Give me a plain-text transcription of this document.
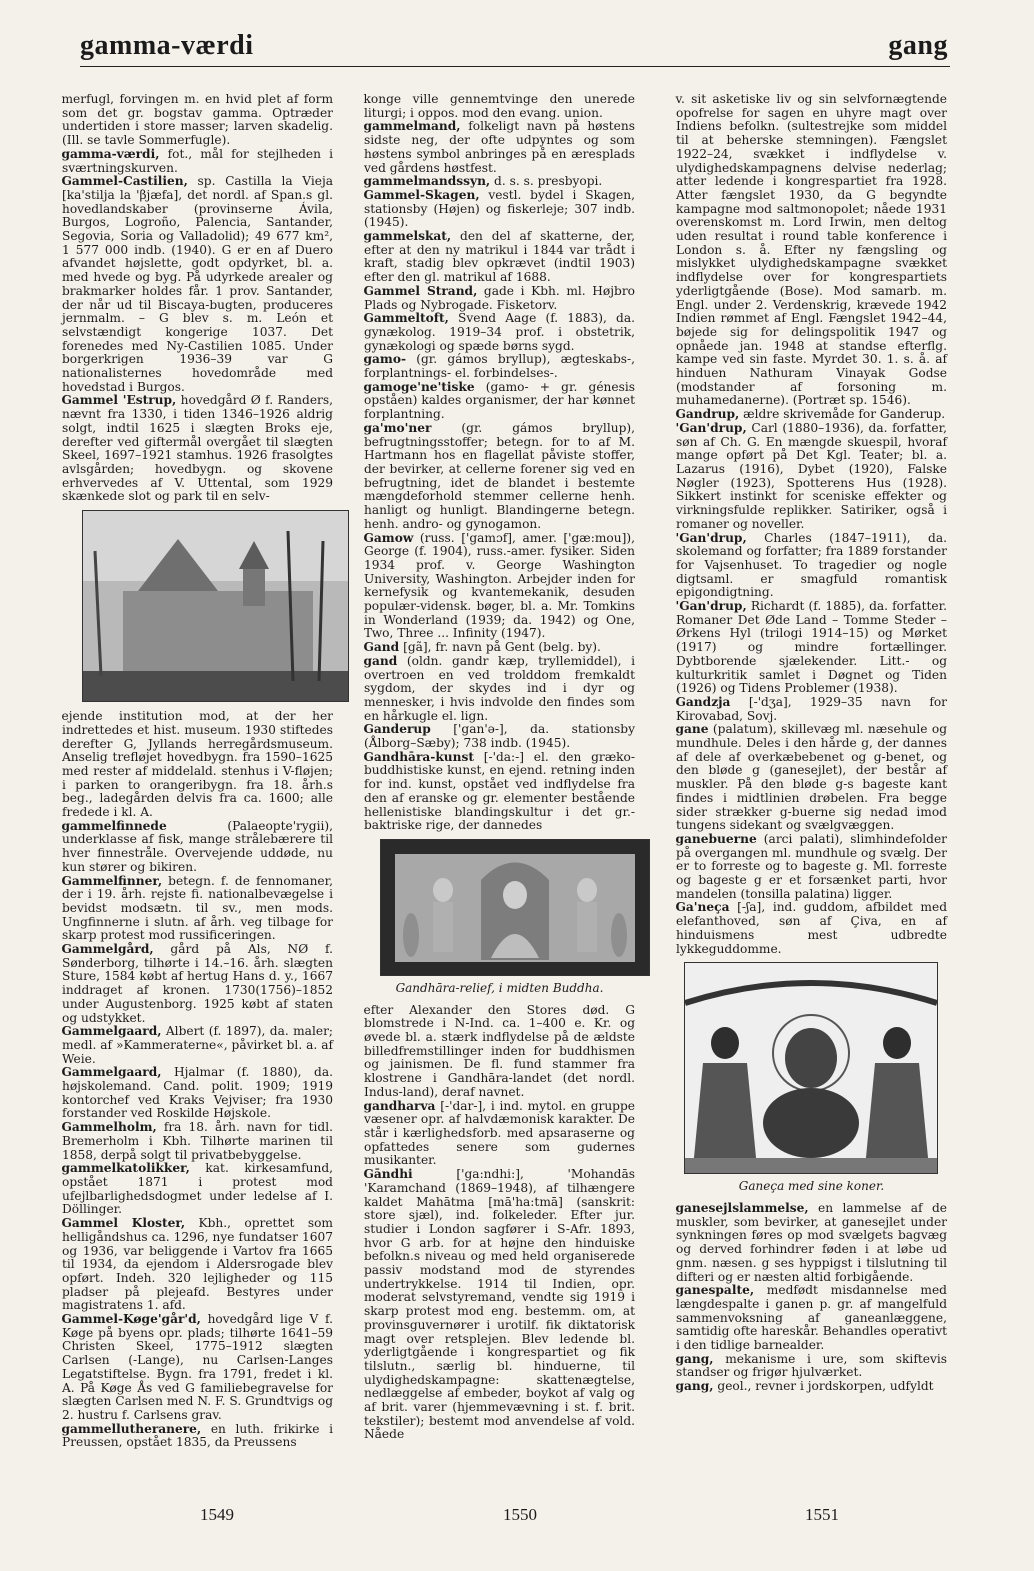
gamma-værdi	gang

merfugl, forvingen m. en hvid plet af form som det gr. bogstav gamma. Optræder undertiden i store masser; larven skadelig. (Ill. se tavle Sommerfugle).

gamma-værdi, fot., mål for stejlheden i sværtningskurven.

Gammel-Castilien, sp. Castilla la Vieja [ka'stilja la 'βjæfa], det nordl. af Span.s gl. hovedlandskaber (provinserne Ávila, Burgos, Logroño, Palencia, Santander, Segovia, Soria og Valladolid); 49 677 km², 1 577 000 indb. (1940). G er en af Duero afvandet højslette, godt opdyrket, bl. a. med hvede og byg. På udyrkede arealer og brakmarker holdes får. 1 prov. Santander, der når ud til Biscaya-bugten, produceres jernmalm. – G blev s. m. León et selvstændigt kongerige 1037. Det forenedes med Ny-Castilien 1085. Under borgerkrigen 1936–39 var G nationalisternes hovedområde med hovedstad i Burgos.

Gammel 'Estrup, hovedgård Ø f. Randers, nævnt fra 1330, i tiden 1346–1926 aldrig solgt, indtil 1625 i slægten Broks eje, derefter ved giftermål overgået til slægten Skeel, 1697–1921 stamhus. 1926 frasolgtes avlsgården; hovedbygn. og skovene erhvervedes af V. Uttental, som 1929 skænkede slot og park til en selv-

ejende institution mod, at der her indrettedes et hist. museum. 1930 stiftedes derefter G, Jyllands herregårdsmuseum. Anselig trefløjet hovedbygn. fra 1590–1625 med rester af middelald. stenhus i V-fløjen; i parken to orangeribygn. fra 18. årh.s beg., ladegården delvis fra ca. 1600; alle fredede i kl. A.

gammelfinnede (Palaeopte'rygii), underklasse af fisk, mange strålebærere til hver finnestråle. Overvejende uddøde, nu kun stører og bikiren.

Gammelfinner, betegn. f. de fennomaner, der i 19. årh. rejste fi. nationalbevægelse i bevidst modsætn. til sv., men mods. Ungfinnerne i slutn. af årh. veg tilbage for skarp protest mod russificeringen.

Gammelgård, gård på Als, NØ f. Sønderborg, tilhørte i 14.–16. årh. slægten Sture, 1584 købt af hertug Hans d. y., 1667 inddraget af kronen. 1730(1756)–1852 under Augustenborg. 1925 købt af staten og udstykket.

Gammelgaard, Albert (f. 1897), da. maler; medl. af »Kammeraterne«, påvirket bl. a. af Weie.

Gammelgaard, Hjalmar (f. 1880), da. højskolemand. Cand. polit. 1909; 1919 kontorchef ved Kraks Vejviser; fra 1930 forstander ved Roskilde Højskole.

Gammelholm, fra 18. årh. navn for tidl. Bremerholm i Kbh. Tilhørte marinen til 1858, derpå solgt til privatbebyggelse.

gammelkatolikker, kat. kirkesamfund, opstået 1871 i protest mod ufejlbarlighedsdogmet under ledelse af I. Döllinger.

Gammel Kloster, Kbh., oprettet som helligåndshus ca. 1296, nye fundatser 1607 og 1936, var beliggende i Vartov fra 1665 til 1934, da ejendom i Aldersrogade blev opført. Indeh. 320 lejligheder og 115 pladser på plejeafd. Bestyres under magistratens 1. afd.

Gammel-Køge'går'd, hovedgård lige V f. Køge på byens opr. plads; tilhørte 1641–59 Christen Skeel, 1775–1912 slægten Carlsen (-Lange), nu Carlsen-Langes Legatstiftelse. Bygn. fra 1791, fredet i kl. A. På Køge Ås ved G familiebegravelse for slægten Carlsen med N. F. S. Grundtvigs og 2. hustru f. Carlsens grav.

gammellutheranere, en luth. frikirke i Preussen, opstået 1835, da Preussens

konge ville gennemtvinge den unerede liturgi; i oppos. mod den evang. union.

gammelmand, folkeligt navn på høstens sidste neg, der ofte udpyntes og som høstens symbol anbringes på en æresplads ved gårdens høstfest.

gammelmandssyn, d. s. s. presbyopi.

Gammel-Skagen, vestl. bydel i Skagen, stationsby (Højen) og fiskerleje; 307 indb. (1945).

gammelskat, den del af skatterne, der, efter at den ny matrikul i 1844 var trådt i kraft, stadig blev opkrævet (indtil 1903) efter den gl. matrikul af 1688.

Gammel Strand, gade i Kbh. ml. Højbro Plads og Nybrogade. Fisketorv.

Gammeltoft, Svend Aage (f. 1883), da. gynækolog. 1919–34 prof. i obstetrik, gynækologi og spæde børns sygd.

gamo- (gr. gámos bryllup), ægteskabs-, forplantnings- el. forbindelses-.

gamoge'ne'tiske (gamo- + gr. génesis opståen) kaldes organismer, der har kønnet forplantning.

ga'mo'ner (gr. gámos bryllup), befrugtningsstoffer; betegn. for to af M. Hartmann hos en flagellat påviste stoffer, der bevirker, at cellerne forener sig ved en befrugtning, idet de blandet i bestemte mængdeforhold stemmer cellerne henh. hanligt og hunligt. Blandingerne betegn. henh. andro- og gynogamon.

Gamow (russ. ['gamɔf], amer. ['gæ:mou]), George (f. 1904), russ.-amer. fysiker. Siden 1934 prof. v. George Washington University, Washington. Arbejder inden for kernefysik og kvantemekanik, desuden populær-vidensk. bøger, bl. a. Mr. Tomkins in Wonderland (1939; da. 1942) og One, Two, Three ... Infinity (1947).

Gand [gã], fr. navn på Gent (belg. by).

gand (oldn. gandr kæp, tryllemiddel), i overtroen en ved trolddom fremkaldt sygdom, der skydes ind i dyr og mennesker, i hvis indvolde den findes som en hårkugle el. lign.

Ganderup ['gan'ə-], da. stationsby (Ålborg–Sæby); 738 indb. (1945).

Gandhāra-kunst [-'da:-] el. den græko-buddhistiske kunst, en ejend. retning inden for ind. kunst, opstået ved indflydelse fra den af eranske og gr. elementer bestående hellenistiske blandingskultur i det gr.-baktriske rige, der dannedes

Gandhāra-relief, i midten Buddha.

efter Alexander den Stores død. G blomstrede i N-Ind. ca. 1–400 e. Kr. og øvede bl. a. stærk indflydelse på de ældste billedfremstillinger inden for buddhismen og jainismen. De fl. fund stammer fra klostrene i Gandhāra-landet (det nordl. Indus-land), deraf navnet.

gandharva [-'dar-], i ind. mytol. en gruppe væsener opr. af halvdæmonisk karakter. De står i kærlighedsforb. med apsaraserne og opfattedes senere som gudernes musikanter.

Gāndhi ['ga:ndhi:], 'Mohandās 'Karamchand (1869–1948), af tilhængere kaldet Mahātma [mā'ha:tmā] (sanskrit: store sjæl), ind. folkeleder. Efter jur. studier i London sagfører i S-Afr. 1893, hvor G arb. for at højne den hinduiske befolkn.s niveau og med held organiserede passiv modstand mod de styrendes undertrykkelse. 1914 til Indien, opr. moderat selvstyremand, vendte sig 1919 i skarp protest mod eng. bestemm. om, at provinsguvernører i urotilf. fik diktatorisk magt over retsplejen. Blev ledende bl. yderligtgående i kongrespartiet og fik tilslutn., særlig bl. hinduerne, til ulydighedskampagne: skattenægtelse, nedlæggelse af embeder, boykot af valg og af brit. varer (hjemmevævning i st. f. brit. tekstiler); bestemt mod anvendelse af vold. Nåede

v. sit asketiske liv og sin selvfornægtende opofrelse for sagen en uhyre magt over Indiens befolkn. (sultestrejke som middel til at beherske stemningen). Fængslet 1922–24, svækket i indflydelse v. ulydighedskampagnens delvise nederlag; atter ledende i kongrespartiet fra 1928. Atter fængslet 1930, da G begyndte kampagne mod saltmonopolet; nåede 1931 overenskomst m. Lord Irwin, men deltog uden resultat i round table konference i London s. å. Efter ny fængsling og mislykket ulydighedskampagne svækket indflydelse over for kongrespartiets yderligtgående (Bose). Mod samarb. m. Engl. under 2. Verdenskrig, krævede 1942 Indien rømmet af Engl. Fængslet 1942–44, bøjede sig for delingspolitik 1947 og opnåede jan. 1948 at standse efterflg. kampe ved sin faste. Myrdet 30. 1. s. å. af hinduen Nathuram Vinayak Godse (modstander af forsoning m. muhamedanerne). (Portræt sp. 1546).

Gandrup, ældre skrivemåde for Ganderup.

'Gan'drup, Carl (1880–1936), da. forfatter, søn af Ch. G. En mængde skuespil, hvoraf mange opført på Det Kgl. Teater; bl. a. Lazarus (1916), Dybet (1920), Falske Nøgler (1923), Spotterens Hus (1928). Sikkert instinkt for sceniske effekter og virkningsfulde replikker. Satiriker, også i romaner og noveller.

'Gan'drup, Charles (1847–1911), da. skolemand og forfatter; fra 1889 forstander for Vajsenhuset. To tragedier og nogle digtsaml. er smagfuld romantisk epigondigtning.

'Gan'drup, Richardt (f. 1885), da. forfatter. Romaner Det Øde Land – Tomme Steder – Ørkens Hyl (trilogi 1914–15) og Mørket (1917) og mindre fortællinger. Dybtborende sjælekender. Litt.- og kulturkritik samlet i Døgnet og Tiden (1926) og Tidens Problemer (1938).

Gandzja [-'dʒa], 1929–35 navn for Kirovabad, Sovj.

gane (palatum), skillevæg ml. næsehule og mundhule. Deles i den hårde g, der dannes af dele af overkæbebenet og g-benet, og den bløde g (ganesejlet), der består af muskler. På den bløde g-s bageste kant findes i midtlinien drøbelen. Fra begge sider strækker g-buerne sig nedad imod tungens sidekant og svælgvæggen.

ganebuerne (arci palati), slimhindefolder på overgangen ml. mundhule og svælg. Der er to forreste og to bageste g. Ml. forreste og bageste g er et forsænket parti, hvor mandelen (tonsilla palatina) ligger.

Ga'neça [-ʃa], ind. guddom, afbildet med elefanthoved, søn af Çiva, en af hinduismens mest udbredte lykkeguddomme.

Ganeça med sine koner.

ganesejlslammelse, en lammelse af de muskler, som bevirker, at ganesejlet under synkningen føres op mod svælgets bagvæg og derved forhindrer føden i at løbe ud gnm. næsen. g ses hyppigst i tilslutning til difteri og er næsten altid forbigående.

ganespalte, medfødt misdannelse med længdespalte i ganen p. gr. af mangelfuld sammenvoksning af ganeanlæggene, samtidig ofte hareskår. Behandles operativt i den tidlige barnealder.

gang, mekanisme i ure, som skiftevis standser og frigør hjulværket.

gang, geol., revner i jordskorpen, udfyldt

1549	1550	1551
